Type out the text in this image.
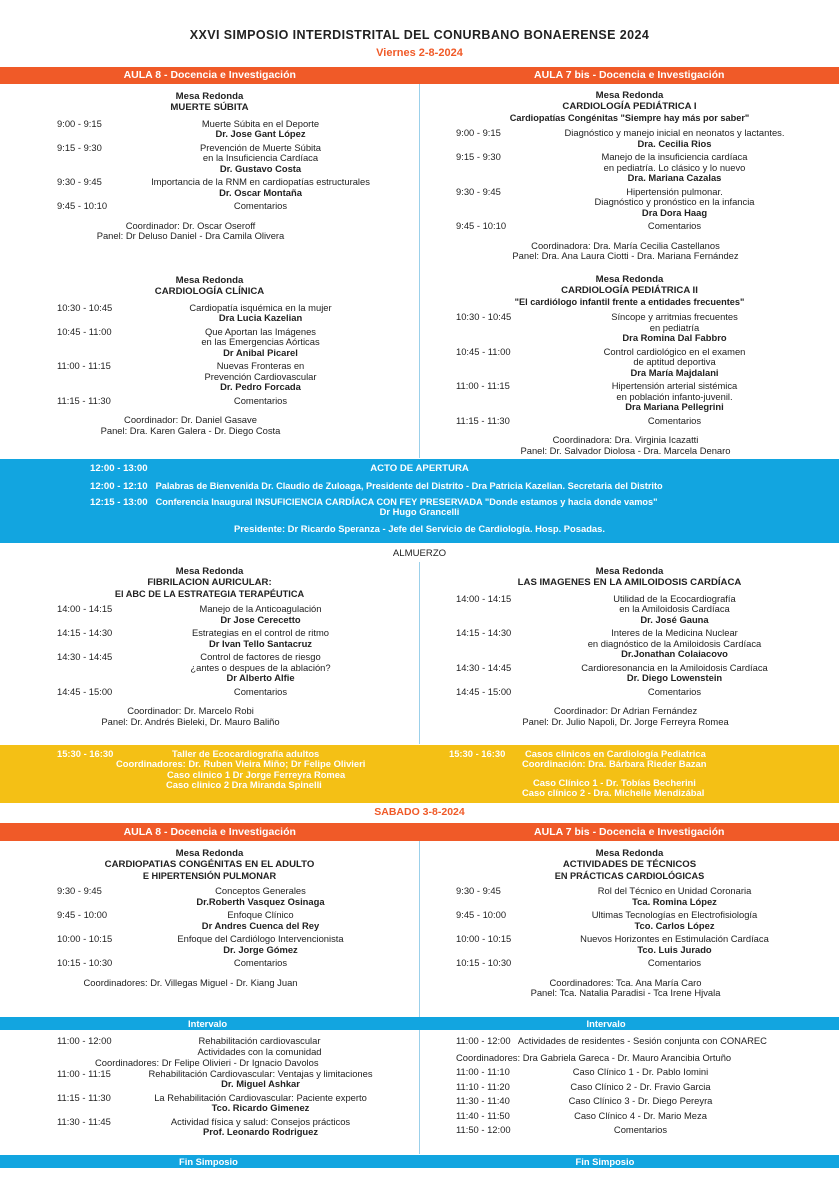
XXVI SIMPOSIO INTERDISTRITAL DEL CONURBANO BONAERENSE 2024
Viernes 2-8-2024
AULA 8 - Docencia e Investigación	AULA 7 bis - Docencia e Investigación
Mesa Redonda
MUERTE SÚBITA
9:00 - 9:15	Muerte Súbita en el Deporte
Dr. Jose Gant López
9:15 - 9:30	Prevención de Muerte Súbita
en la Insuficiencia Cardíaca
Dr. Gustavo Costa
9:30 - 9:45	Importancia de la RNM en cardiopatías estructurales
Dr. Oscar Montaña
9:45 - 10:10	Comentarios
Coordinador: Dr. Oscar Oseroff
Panel: Dr Deluso Daniel - Dra Camila Olivera
Mesa Redonda
CARDIOLOGÍA CLÍNICA
10:30 - 10:45	Cardiopatía isquémica en la mujer
Dra Lucia Kazelian
10:45 - 11:00	Que Aportan las Imágenes
en las Emergencias Aórticas
Dr Anibal Picarel
11:00 - 11:15	Nuevas Fronteras en
Prevención Cardiovascular
Dr. Pedro Forcada
11:15 - 11:30	Comentarios
Coordinador: Dr. Daniel Gasave
Panel: Dra. Karen Galera - Dr. Diego Costa
Mesa Redonda
CARDIOLOGÍA PEDIÁTRICA I
Cardiopatías Congénitas "Siempre hay más por saber"
9:00 - 9:15	Diagnóstico y manejo inicial en neonatos y lactantes.
Dra. Cecilia Rios
9:15 - 9:30	Manejo de la insuficiencia cardíaca
en pediatría. Lo clásico y lo nuevo
Dra. Mariana Cazalas
9:30 - 9:45	Hipertensión pulmonar.
Diagnóstico y pronóstico en la infancia
Dra Dora Haag
9:45 - 10:10	Comentarios
Coordinadora: Dra. María Cecilia Castellanos
Panel: Dra. Ana Laura Ciotti - Dra. Mariana Fernández
Mesa Redonda
CARDIOLOGÍA PEDIÁTRICA II
"El cardiólogo infantil frente a entidades frecuentes"
10:30 - 10:45	Síncope y arritmias frecuentes
en pediatría
Dra Romina Dal Fabbro
10:45 - 11:00	Control cardiológico en el examen
de aptitud deportiva
Dra María Majdalani
11:00 - 11:15	Hipertensión arterial sistémica
en población infanto-juvenil.
Dra Mariana Pellegrini
11:15 - 11:30	Comentarios
Coordinadora: Dra. Virginia Icazatti
Panel: Dr. Salvador Diolosa - Dra. Marcela Denaro
12:00 - 13:00	ACTO DE APERTURA
12:00 - 12:10 Palabras de Bienvenida Dr. Claudio de Zuloaga, Presidente del Distrito - Dra Patricia Kazelian. Secretaria del Distrito
12:15 - 13:00 Conferencia Inaugural INSUFICIENCIA CARDÍACA CON FEY PRESERVADA "Donde estamos y hacia donde vamos"
Dr Hugo Grancelli
Presidente: Dr Ricardo Speranza - Jefe del Servicio de Cardiología. Hosp. Posadas.
ALMUERZO
Mesa Redonda
FIBRILACION AURICULAR:
El ABC DE LA ESTRATEGIA TERAPÉUTICA
14:00 - 14:15	Manejo de la Anticoagulación
Dr Jose Cerecetto
14:15 - 14:30	Estrategias en el control de ritmo
Dr Ivan Tello Santacruz
14:30 - 14:45	Control de factores de riesgo
¿antes o despues de la ablación?
Dr Alberto Alfie
14:45 - 15:00	Comentarios
Coordinador: Dr. Marcelo Robi
Panel: Dr. Andrés Bieleki, Dr. Mauro Baliño
Mesa Redonda
LAS IMAGENES EN LA AMILOIDOSIS CARDÍACA
14:00 - 14:15	Utilidad de la Ecocardiografía
en la Amiloidosis Cardíaca
Dr. José Gauna
14:15 - 14:30	Interes de la Medicina Nuclear
en diagnóstico de la Amiloidosis Cardíaca
Dr.Jonathan Colaiacovo
14:30 - 14:45	Cardioresonancia en la Amiloidosis Cardíaca
Dr. Diego Lowenstein
14:45 - 15:00	Comentarios
Coordinador: Dr Adrian Fernández
Panel: Dr. Julio Napoli, Dr. Jorge Ferreyra Romea
15:30 - 16:30	Taller de Ecocardiografía adultos
Coordinadores: Dr. Ruben Vieira Miño; Dr Felipe Olivieri
Caso clinico 1 Dr Jorge Ferreyra Romea
Caso clinico 2 Dra Miranda Spinelli
15:30 - 16:30 Casos clinicos en Cardiología Pediatrica
Coordinación: Dra. Bárbara Rieder Bazan
Caso Clínico 1 - Dr. Tobías Becherini
Caso clínico 2 - Dra. Michelle Mendizábal
SABADO 3-8-2024
AULA 8 - Docencia e Investigación	AULA 7 bis - Docencia e Investigación
Mesa Redonda
CARDIOPATIAS CONGÉNITAS EN EL ADULTO
E HIPERTENSIÓN PULMONAR
9:30 - 9:45	Conceptos Generales
Dr.Roberth Vasquez Osinaga
9:45 - 10:00	Enfoque Clínico
Dr Andres Cuenca del Rey
10:00 - 10:15	Enfoque del Cardiólogo Intervencionista
Dr. Jorge Gómez
10:15 - 10:30	Comentarios
Coordinadores: Dr. Villegas Miguel - Dr. Kiang Juan
Mesa Redonda
ACTIVIDADES DE TÉCNICOS
EN PRÁCTICAS CARDIOLÓGICAS
9:30 - 9:45	Rol del Técnico en Unidad Coronaria
Tca. Romina López
9:45 - 10:00	Ultimas Tecnologías en Electrofisiología
Tco. Carlos López
10:00 - 10:15	Nuevos Horizontes en Estimulación Cardíaca
Tco. Luis Jurado
10:15 - 10:30	Comentarios
Coordinadores: Tca. Ana María Caro
Panel: Tca. Natalia Paradisi - Tca Irene Hjvala
Intervalo	Intervalo
11:00 - 12:00	Rehabilitación cardiovascular
Actividades con la comunidad
Coordinadores: Dr Felipe Olivieri - Dr Ignacio Davolos
11:00 - 11:15	Rehabilitación Cardiovascular: Ventajas y limitaciones
Dr. Miguel Ashkar
11:15 - 11:30	La Rehabilitación Cardiovascular: Paciente experto
Tco. Ricardo Gimenez
11:30 - 11:45	Actividad física y salud: Consejos prácticos
Prof. Leonardo Rodriguez
11:00 - 12:00 Actividades de residentes - Sesión conjunta con CONAREC
Coordinadores: Dra Gabriela Gareca - Dr. Mauro Arancibia Ortuño
11:00 - 11:10	Caso Clínico 1 - Dr. Pablo Iomini
11:10 - 11:20	Caso Clínico 2 - Dr. Fravio Garcia
11:30 - 11:40	Caso Clínico 3 - Dr. Diego Pereyra
11:40 - 11:50	Caso Clínico 4 - Dr. Mario Meza
11:50 - 12:00	Comentarios
Fin Simposio	Fin Simposio
